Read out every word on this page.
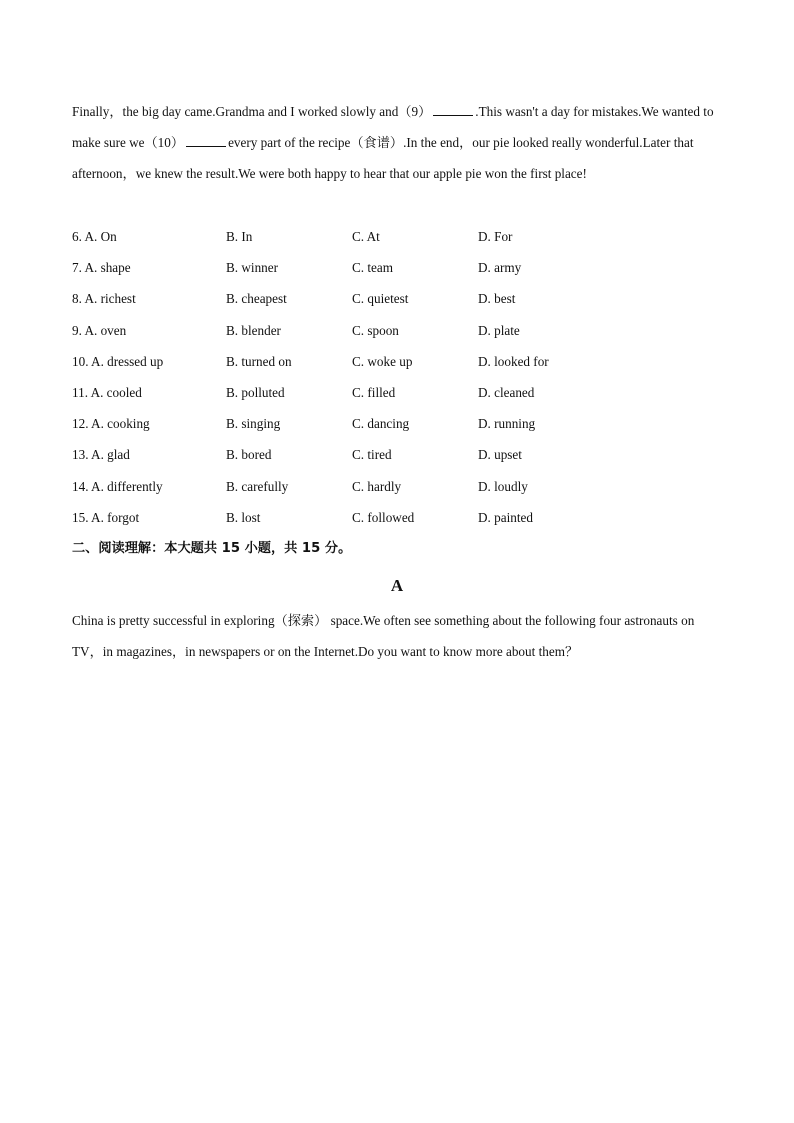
Finally，the big day came.Grandma and I worked slowly and（9）	.This wasn't a day for mistakes.We wanted to make sure we（10）	every part of the recipe（食谱）.In the end，our pie looked really wonderful.Later that afternoon，we knew the result.We were both happy to hear that our apple pie won the first place!
6. A. On	B. In	C. At	D. For
7. A. shape	B. winner	C. team	D. army
8. A. richest	B. cheapest	C. quietest	D. best
9. A. oven	B. blender	C. spoon	D. plate
10. A. dressed up	B. turned on	C. woke up	D. looked for
11. A. cooled	B. polluted	C. filled	D. cleaned
12. A. cooking	B. singing	C. dancing	D. running
13. A. glad	B. bored	C. tired	D. upset
14. A. differently	B. carefully	C. hardly	D. loudly
15. A. forgot	B. lost	C. followed	D. painted
二、阅读理解：本大题共 15 小题，共 15 分。
A
China is pretty successful in exploring（探索） space.We often see something about the following four astronauts on TV，in magazines，in newspapers or on the Internet.Do you want to know more about them？
